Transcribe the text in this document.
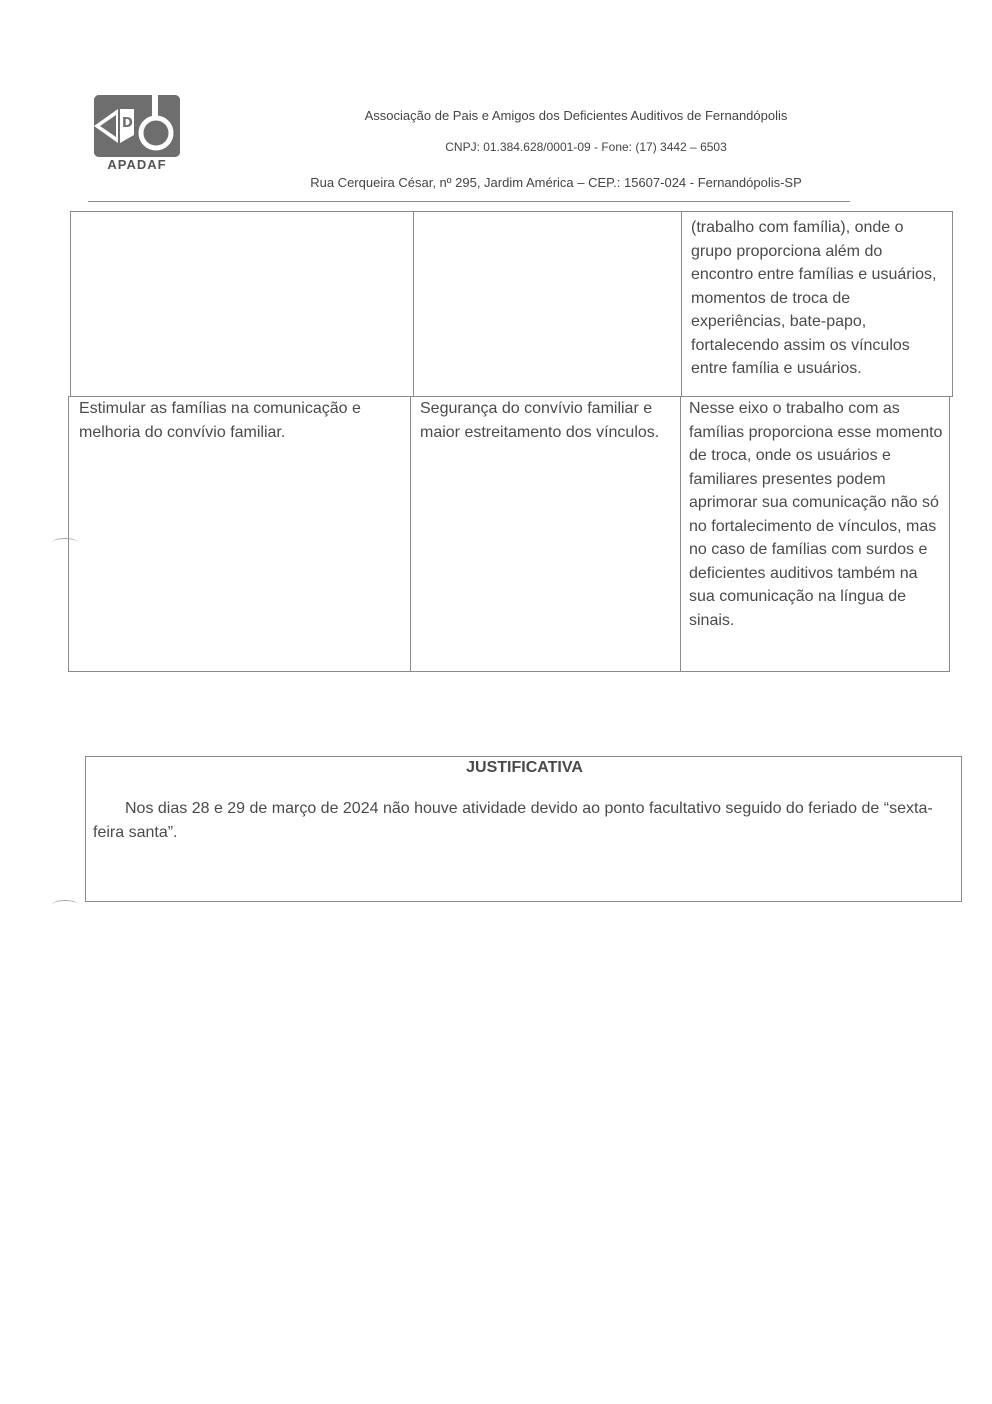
D
APADAF
Associação de Pais e Amigos dos Deficientes Auditivos de Fernandópolis
CNPJ: 01.384.628/0001-09 - Fone: (17) 3442 – 6503
Rua Cerqueira César, nº 295, Jardim América – CEP.: 15607-024 - Fernandópolis-SP
(trabalho com família), onde o grupo proporciona além do encontro entre famílias e usuários, momentos de troca de experiências, bate-papo, fortalecendo assim os vínculos entre família e usuários.
Estimular as famílias na comunicação e melhoria do convívio familiar.
Segurança do convívio familiar e maior estreitamento dos vínculos.
Nesse eixo o trabalho com as famílias proporciona esse momento de troca, onde os usuários e familiares presentes podem aprimorar sua comunicação não só no fortalecimento de vínculos, mas no caso de famílias com surdos e deficientes auditivos também na sua comunicação na língua de sinais.
JUSTIFICATIVA
Nos dias 28 e 29 de março de 2024 não houve atividade devido ao ponto facultativo seguido do feriado de “sexta-feira santa”.
